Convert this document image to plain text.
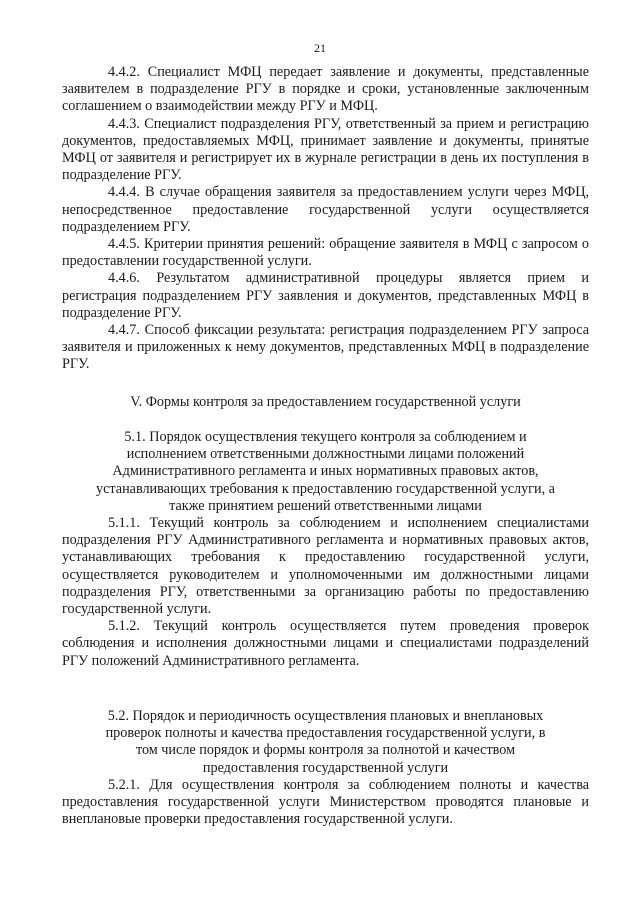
21

4.4.2. Специалист МФЦ передает заявление и документы, представленные заявителем в подразделение РГУ в порядке и сроки, установленные заключенным соглашением о взаимодействии между РГУ и МФЦ.

4.4.3. Специалист подразделения РГУ, ответственный за прием и регистрацию документов, предоставляемых МФЦ, принимает заявление и документы, принятые МФЦ от заявителя и регистрирует их в журнале регистрации в день их поступления в подразделение РГУ.

4.4.4. В случае обращения заявителя за предоставлением услуги через МФЦ, непосредственное предоставление государственной услуги осуществляется подразделением РГУ.

4.4.5. Критерии принятия решений: обращение заявителя в МФЦ с запросом о предоставлении государственной услуги.

4.4.6. Результатом административной процедуры является прием и регистрация подразделением РГУ заявления и документов, представленных МФЦ в подразделение РГУ.

4.4.7. Способ фиксации результата: регистрация подразделением РГУ запроса заявителя и приложенных к нему документов, представленных МФЦ в подразделение РГУ.

V. Формы контроля за предоставлением государственной услуги

5.1. Порядок осуществления текущего контроля за соблюдением и исполнением ответственными должностными лицами положений Административного регламента и иных нормативных правовых актов, устанавливающих требования к предоставлению государственной услуги, а также принятием решений ответственными лицами

5.1.1. Текущий контроль за соблюдением и исполнением специалистами подразделения РГУ Административного регламента и нормативных правовых актов, устанавливающих требования к предоставлению государственной услуги, осуществляется руководителем и уполномоченными им должностными лицами подразделения РГУ, ответственными за организацию работы по предоставлению государственной услуги.

5.1.2. Текущий контроль осуществляется путем проведения проверок соблюдения и исполнения должностными лицами и специалистами подразделений РГУ положений Административного регламента.

5.2. Порядок и периодичность осуществления плановых и внеплановых проверок полноты и качества предоставления государственной услуги, в том числе порядок и формы контроля за полнотой и качеством предоставления государственной услуги

5.2.1. Для осуществления контроля за соблюдением полноты и качества предоставления государственной услуги Министерством проводятся плановые и внеплановые проверки предоставления государственной услуги.
